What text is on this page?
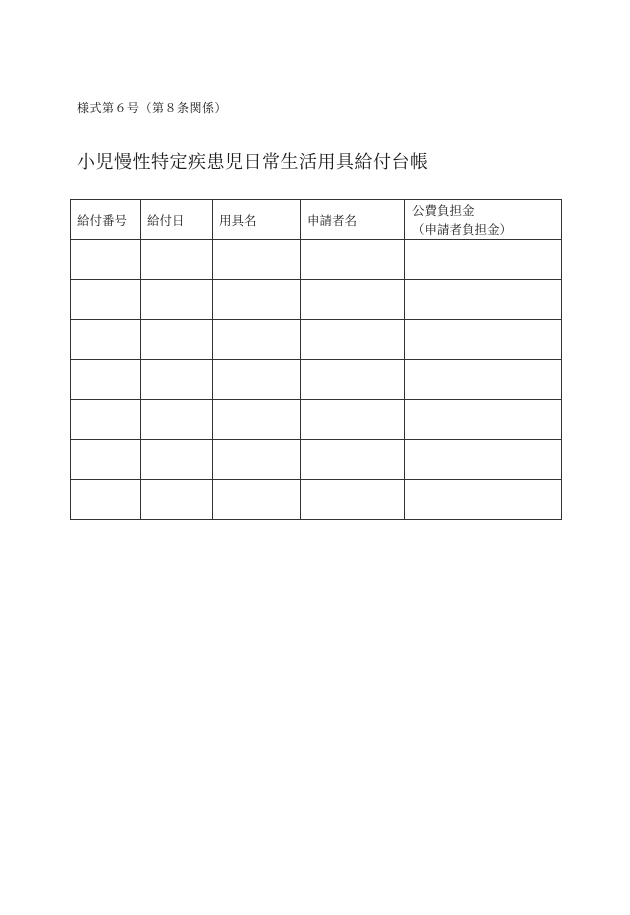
様式第６号（第８条関係）
小児慢性特定疾患児日常生活用具給付台帳
給付番号	給付日	用具名	申請者名	公費負担金
（申請者負担金）
